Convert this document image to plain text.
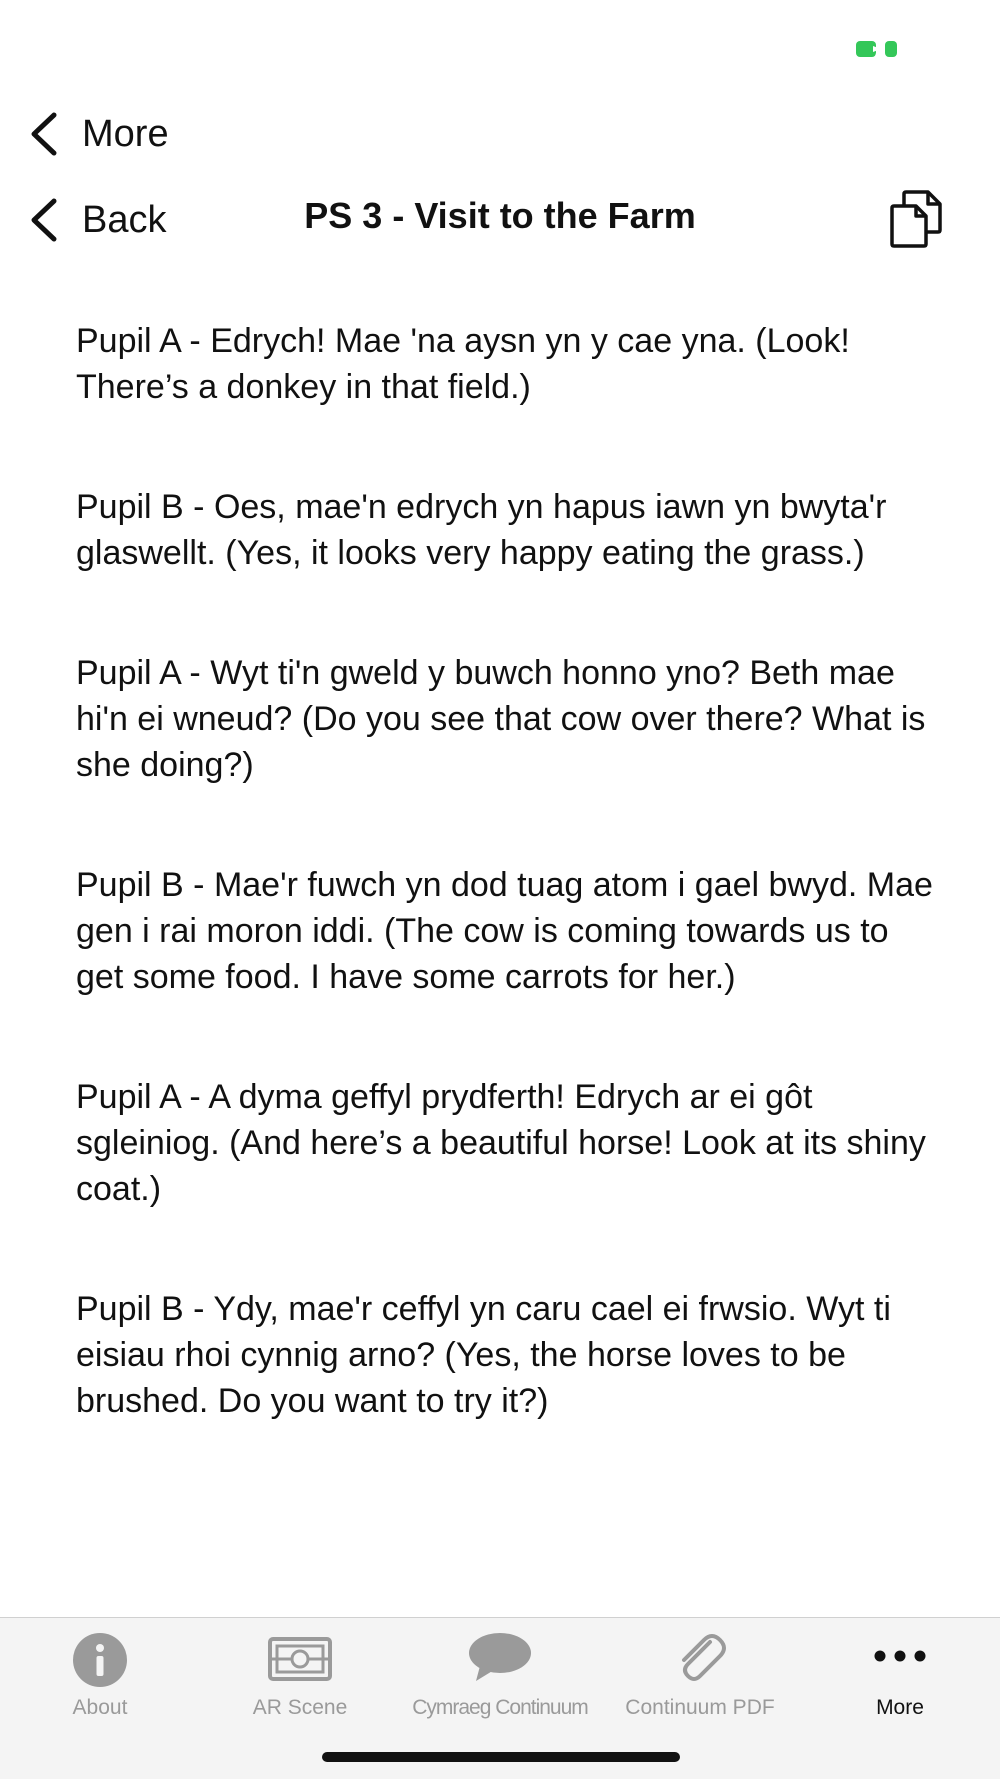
More
Back	PS 3 - Visit to the Farm

Pupil A - Edrych! Mae 'na aysn yn y cae yna. (Look! There’s a donkey in that field.)

Pupil B - Oes, mae'n edrych yn hapus iawn yn bwyta'r glaswellt. (Yes, it looks very happy eating the grass.)

Pupil A - Wyt ti'n gweld y buwch honno yno? Beth mae hi'n ei wneud? (Do you see that cow over there? What is she doing?)

Pupil B - Mae'r fuwch yn dod tuag atom i gael bwyd. Mae gen i rai moron iddi. (The cow is coming towards us to get some food. I have some carrots for her.)

Pupil A - A dyma geffyl prydferth! Edrych ar ei gôt sgleiniog. (And here’s a beautiful horse! Look at its shiny coat.)

Pupil B - Ydy, mae'r ceffyl yn caru cael ei frwsio. Wyt ti eisiau rhoi cynnig arno? (Yes, the horse loves to be brushed. Do you want to try it?)

About	AR Scene	Cymraeg Continuum	Continuum PDF	More
